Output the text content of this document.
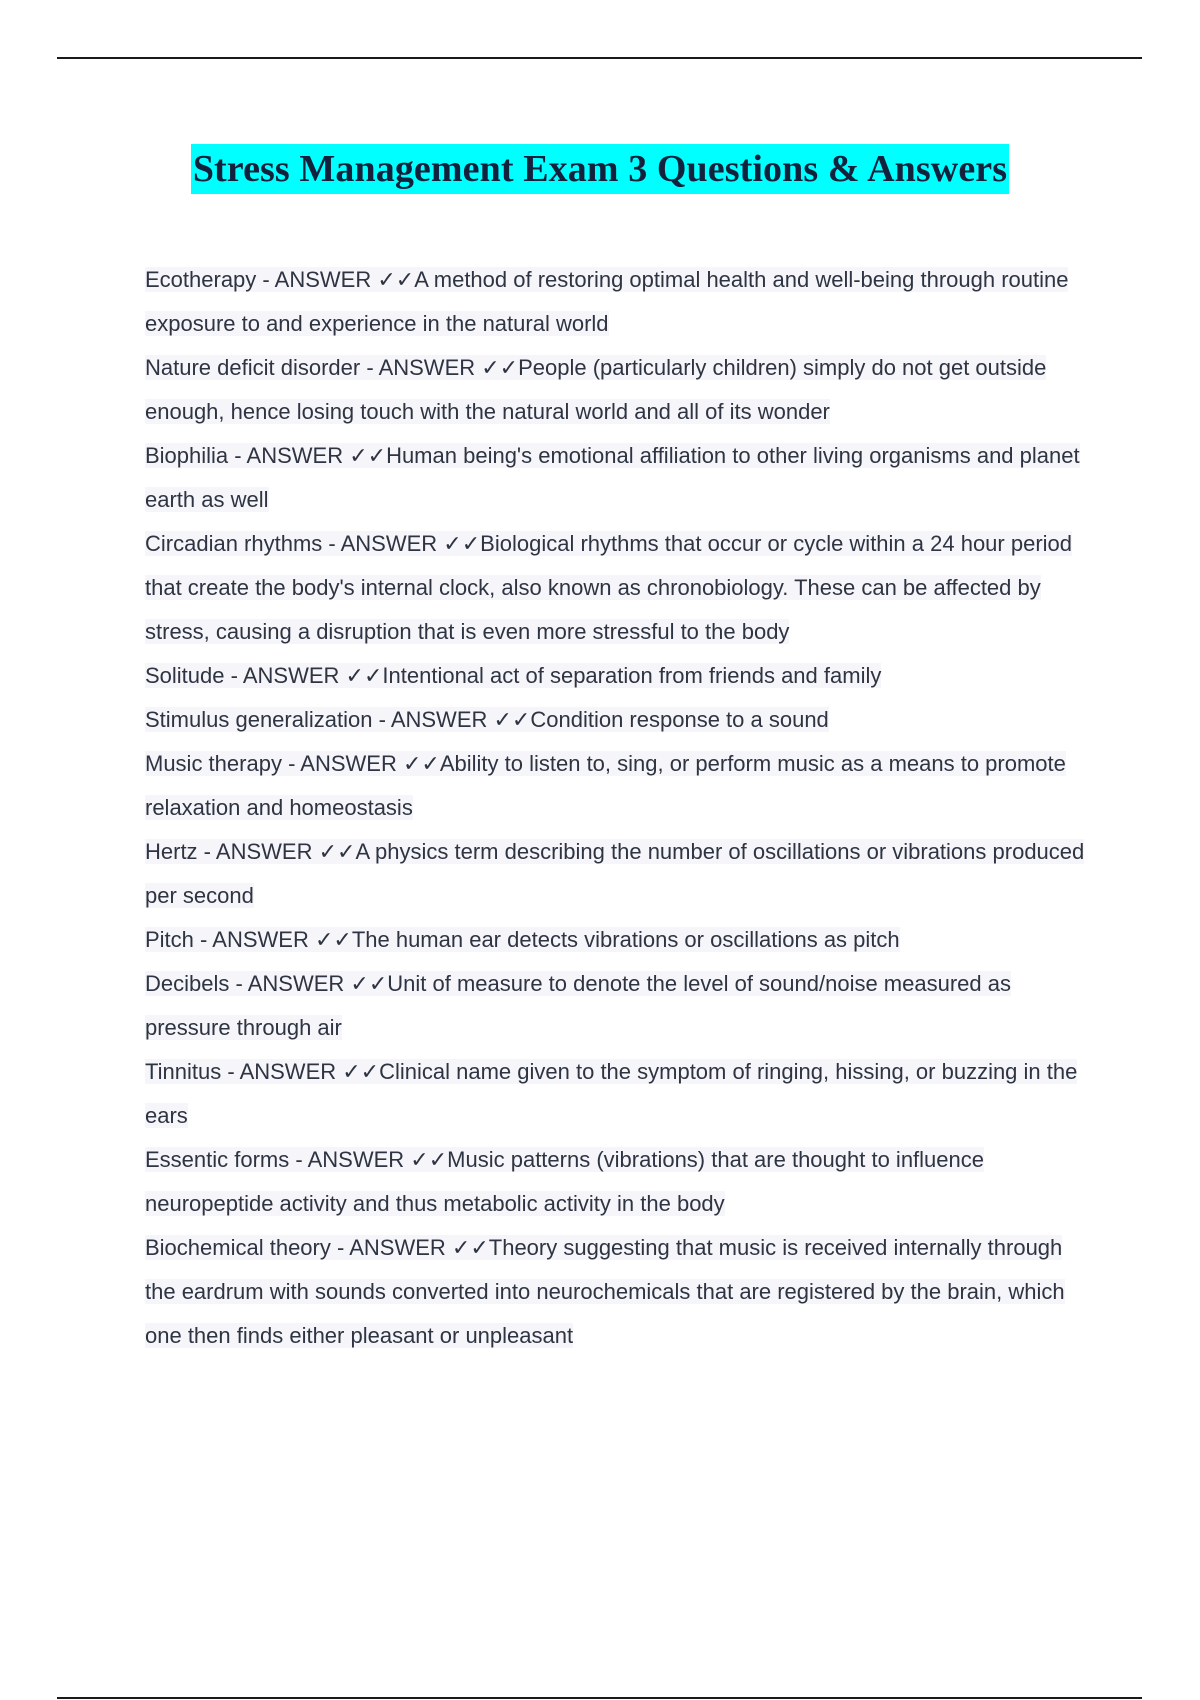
Stress Management Exam 3 Questions & Answers
Ecotherapy - ANSWER ✓✓A method of restoring optimal health and well-being through routine exposure to and experience in the natural world
Nature deficit disorder - ANSWER ✓✓People (particularly children) simply do not get outside enough, hence losing touch with the natural world and all of its wonder
Biophilia - ANSWER ✓✓Human being's emotional affiliation to other living organisms and planet earth as well
Circadian rhythms - ANSWER ✓✓Biological rhythms that occur or cycle within a 24 hour period that create the body's internal clock, also known as chronobiology. These can be affected by stress, causing a disruption that is even more stressful to the body
Solitude - ANSWER ✓✓Intentional act of separation from friends and family
Stimulus generalization - ANSWER ✓✓Condition response to a sound
Music therapy - ANSWER ✓✓Ability to listen to, sing, or perform music as a means to promote relaxation and homeostasis
Hertz - ANSWER ✓✓A physics term describing the number of oscillations or vibrations produced per second
Pitch - ANSWER ✓✓The human ear detects vibrations or oscillations as pitch
Decibels - ANSWER ✓✓Unit of measure to denote the level of sound/noise measured as pressure through air
Tinnitus - ANSWER ✓✓Clinical name given to the symptom of ringing, hissing, or buzzing in the ears
Essentic forms - ANSWER ✓✓Music patterns (vibrations) that are thought to influence neuropeptide activity and thus metabolic activity in the body
Biochemical theory - ANSWER ✓✓Theory suggesting that music is received internally through the eardrum with sounds converted into neurochemicals that are registered by the brain, which one then finds either pleasant or unpleasant
